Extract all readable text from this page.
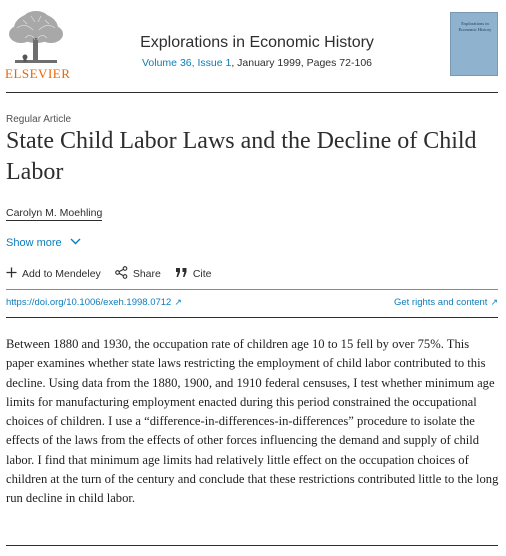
ELSEVIER
Explorations in Economic History
Volume 36, Issue 1, January 1999, Pages 72-106
Explorations in Economic History
Regular Article
State Child Labor Laws and the Decline of Child Labor
Carolyn M. Moehling
Show more
Add to Mendeley	Share	Cite
https://doi.org/10.1006/exeh.1998.0712 ↗	Get rights and content ↗

Between 1880 and 1930, the occupation rate of children age 10 to 15 fell by over 75%. This paper examines whether state laws restricting the employment of child labor contributed to this decline. Using data from the 1880, 1900, and 1910 federal censuses, I test whether minimum age limits for manufacturing employment enacted during this period constrained the occupational choices of children. I use a “difference-in-differences-in-differences” procedure to isolate the effects of the laws from the effects of other forces influencing the demand and supply of child labor. I find that minimum age limits had relatively little effect on the occupation choices of children at the turn of the century and conclude that these restrictions contributed little to the long run decline in child labor.
